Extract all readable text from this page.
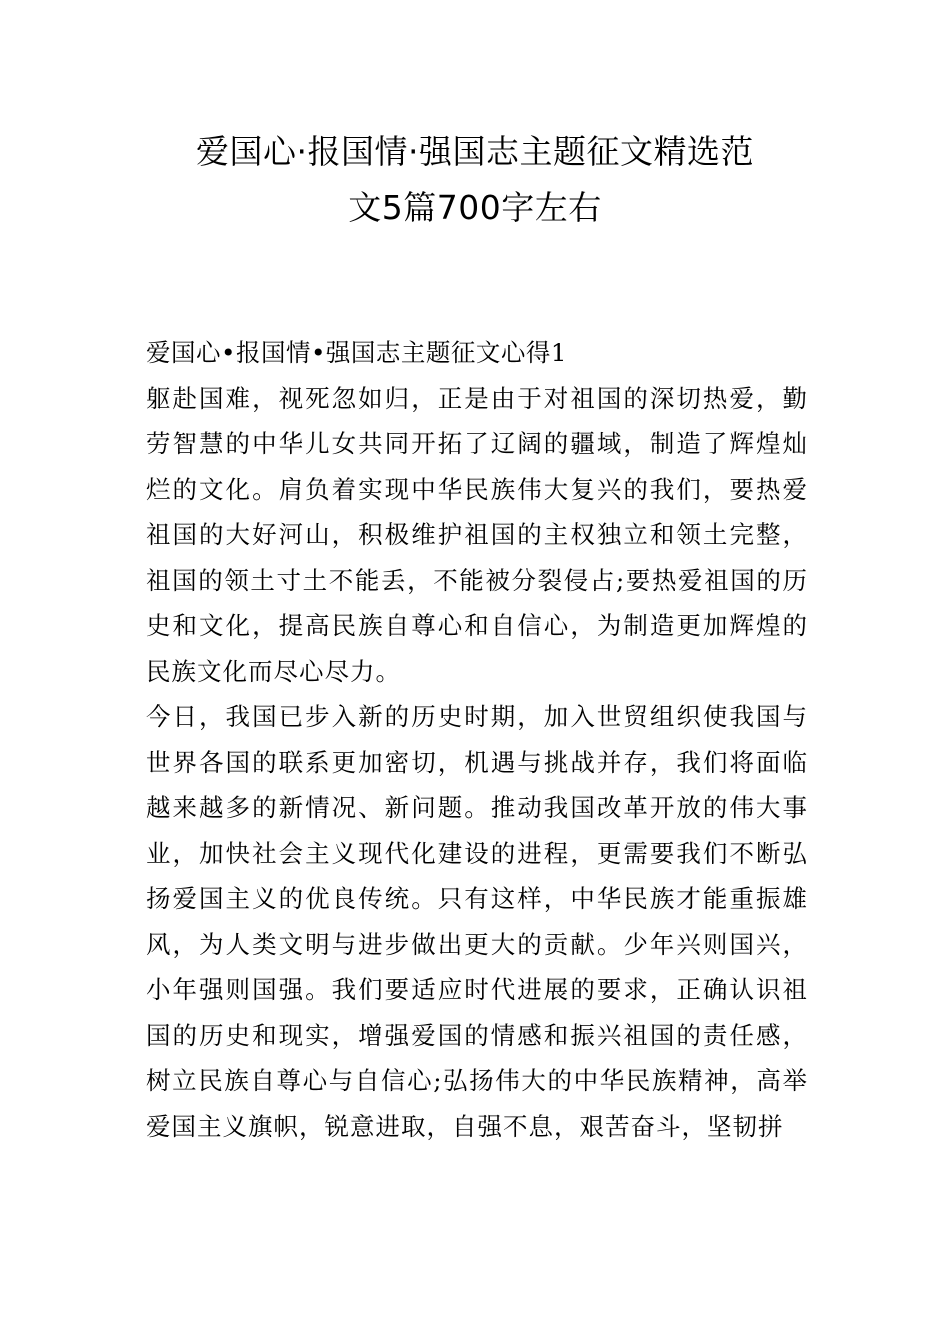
爱国心·报国情·强国志主题征文精选范
文5篇700字左右

爱国心•报国情•强国志主题征文心得1

躯赴国难，视死忽如归，正是由于对祖国的深切热爱，勤劳智慧的中华儿女共同开拓了辽阔的疆域，制造了辉煌灿烂的文化。肩负着实现中华民族伟大复兴的我们，要热爱祖国的大好河山，积极维护祖国的主权独立和领土完整，祖国的领土寸土不能丢，不能被分裂侵占;要热爱祖国的历史和文化，提高民族自尊心和自信心，为制造更加辉煌的民族文化而尽心尽力。

今日，我国已步入新的历史时期，加入世贸组织使我国与世界各国的联系更加密切，机遇与挑战并存，我们将面临越来越多的新情况、新问题。推动我国改革开放的伟大事业，加快社会主义现代化建设的进程，更需要我们不断弘扬爱国主义的优良传统。只有这样，中华民族才能重振雄风，为人类文明与进步做出更大的贡献。少年兴则国兴，小年强则国强。我们要适应时代进展的要求，正确认识祖国的历史和现实，增强爱国的情感和振兴祖国的责任感，树立民族自尊心与自信心;弘扬伟大的中华民族精神，高举爱国主义旗帜，锐意进取，自强不息，艰苦奋斗，坚韧拼
